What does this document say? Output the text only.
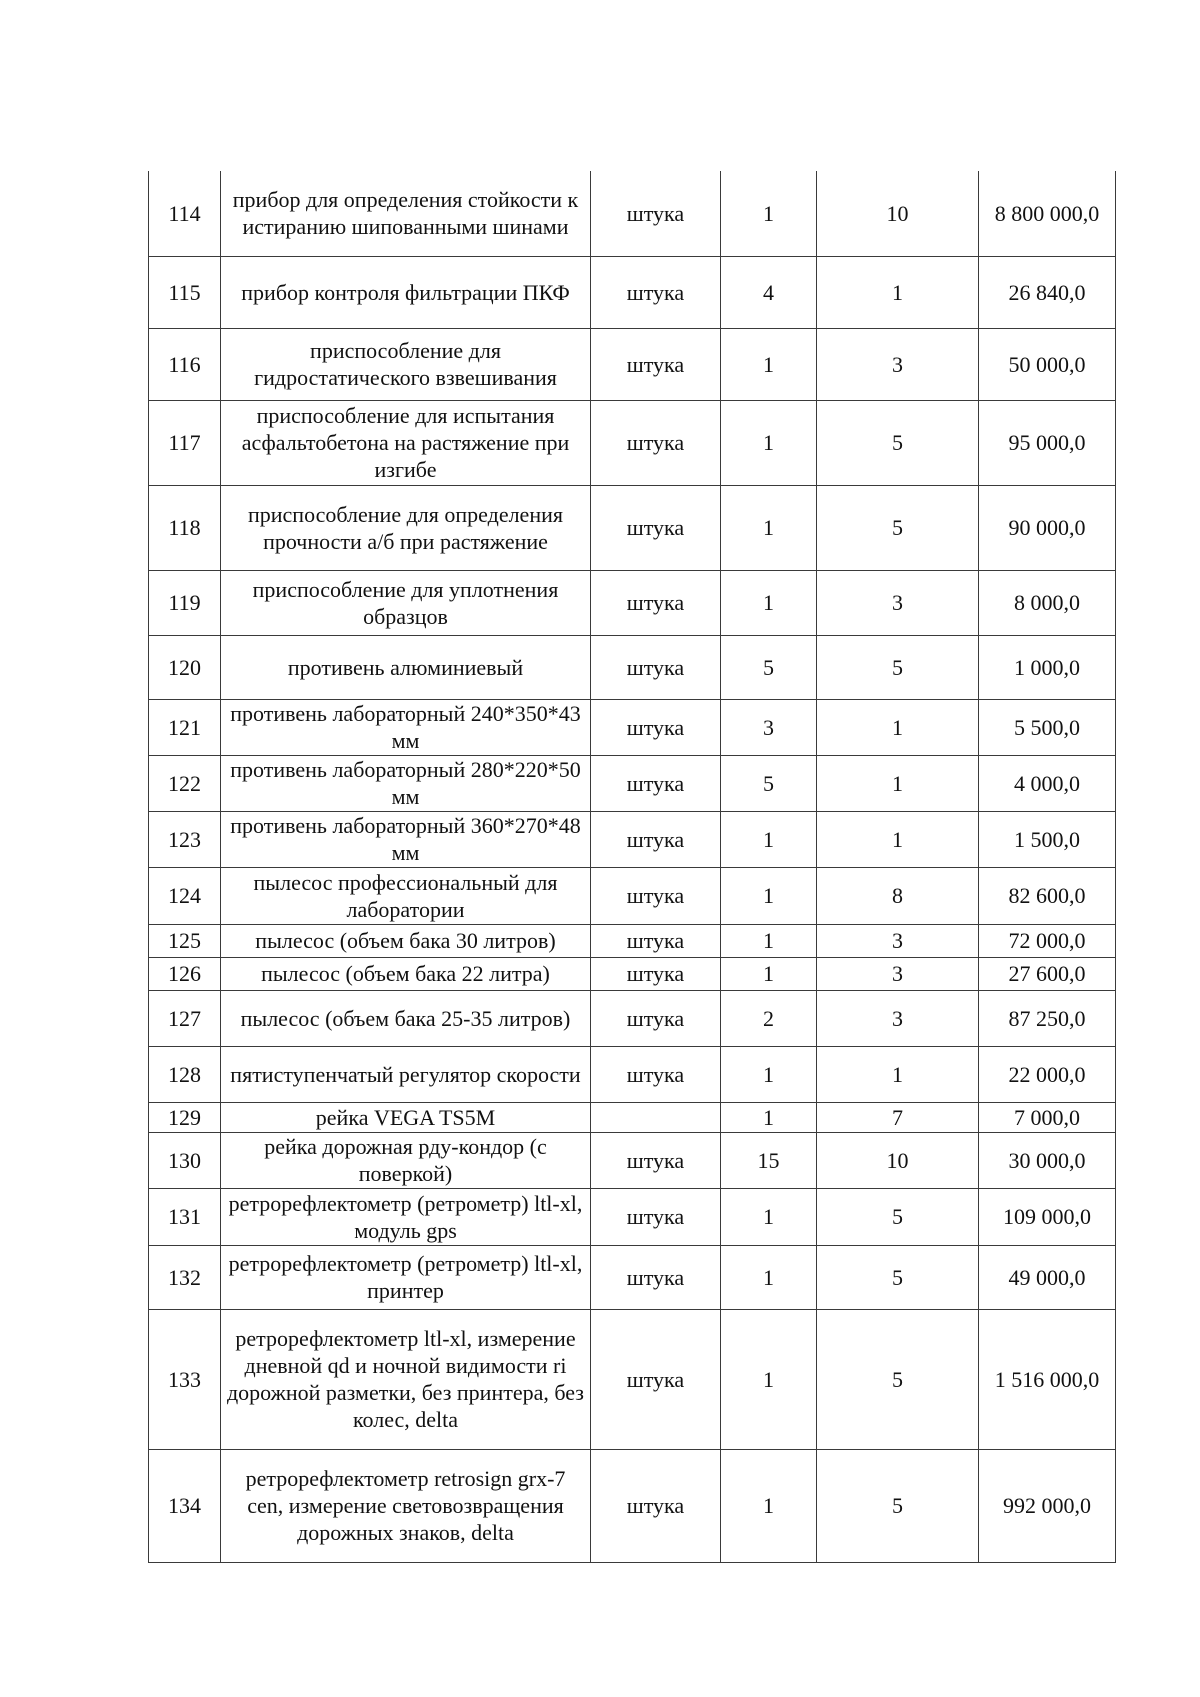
114	прибор для определения стойкости к истиранию шипованными шинами	штука	1	10	8 800 000,0
115	прибор контроля фильтрации ПКФ	штука	4	1	26 840,0
116	приспособление для гидростатического взвешивания	штука	1	3	50 000,0
117	приспособление для испытания асфальтобетона на растяжение при изгибе	штука	1	5	95 000,0
118	приспособление для определения прочности а/б при растяжение	штука	1	5	90 000,0
119	приспособление для уплотнения образцов	штука	1	3	8 000,0
120	противень алюминиевый	штука	5	5	1 000,0
121	противень лабораторный 240*350*43 мм	штука	3	1	5 500,0
122	противень лабораторный 280*220*50 мм	штука	5	1	4 000,0
123	противень лабораторный 360*270*48 мм	штука	1	1	1 500,0
124	пылесос профессиональный для лаборатории	штука	1	8	82 600,0
125	пылесос (объем бака 30 литров)	штука	1	3	72 000,0
126	пылесос (объем бака 22 литра)	штука	1	3	27 600,0
127	пылесос (объем бака 25-35 литров)	штука	2	3	87 250,0
128	пятиступенчатый регулятор скорости	штука	1	1	22 000,0
129	рейка VEGA TS5M		1	7	7 000,0
130	рейка дорожная рду-кондор (с поверкой)	штука	15	10	30 000,0
131	ретрорефлектометр (ретрометр) ltl-xl, модуль gps	штука	1	5	109 000,0
132	ретрорефлектометр (ретрометр) ltl-xl, принтер	штука	1	5	49 000,0
133	ретрорефлектометр ltl-xl, измерение дневной qd и ночной видимости ri дорожной разметки, без принтера, без колес, delta	штука	1	5	1 516 000,0
134	ретрорефлектометр retrosign grx-7 cen, измерение световозвращения дорожных знаков, delta	штука	1	5	992 000,0
